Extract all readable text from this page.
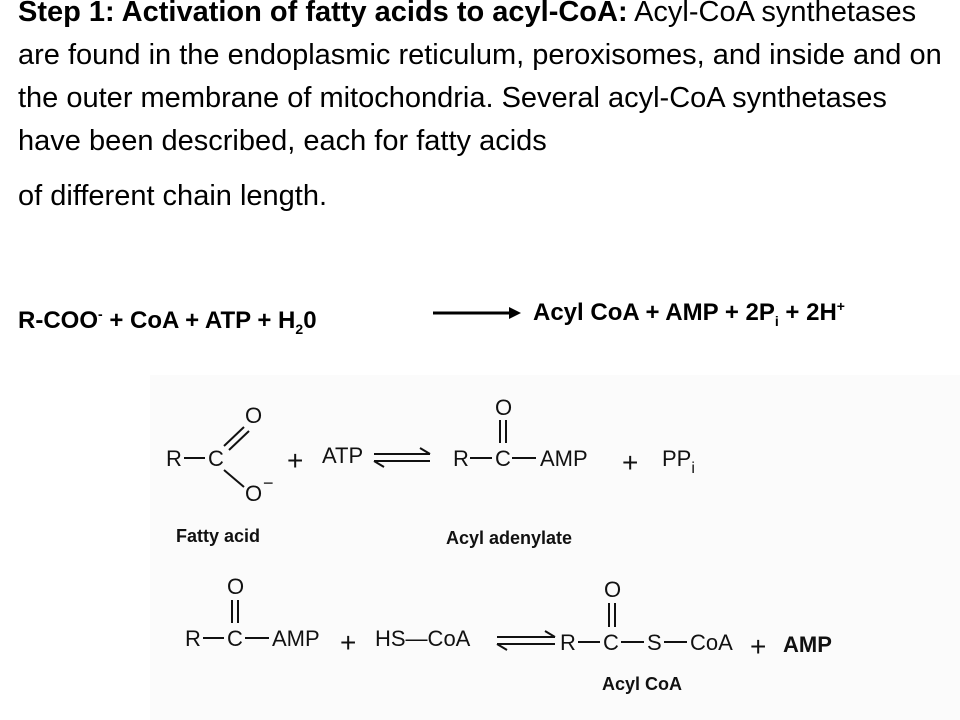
Step 1: Activation of fatty acids to acyl-CoA: Acyl-CoA synthetases are found in the endoplasmic reticulum, peroxisomes, and inside and on the outer membrane of mitochondria. Several acyl-CoA synthetases have been described, each for fatty acids
of different chain length.
R-COO- + CoA + ATP + $H_20$	Acyl CoA + AMP + $2P_i + 2H^+$
R C
O
O −
+ ATP	R C
O
AMP + $PP_i$
Fatty acid	Acyl adenylate
R C
O
AMP + HS—CoA	R C
O
S CoA + AMP
Acyl CoA
